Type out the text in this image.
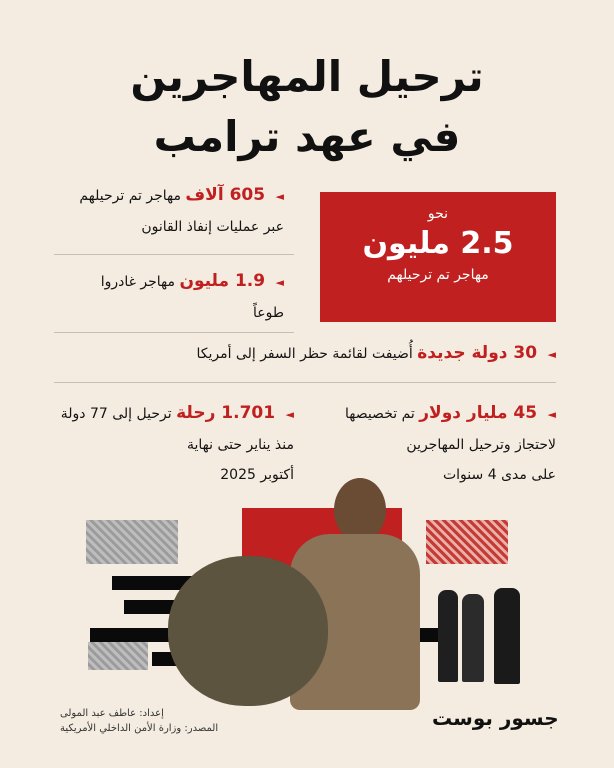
ترحيل المهاجرين
في عهد ترامب
نحو
2.5 مليون
مهاجر تم ترحيلهم
◄ 605 آلاف مهاجر تم ترحيلهم
عبر عمليات إنفاذ القانون
◄ 1.9 مليون مهاجر غادروا
طوعاً
◄ 30 دولة جديدة أُضيفت لقائمة حظر السفر إلى أمريكا
◄ 45 مليار دولار تم تخصيصها
لاحتجاز وترحيل المهاجرين
على مدى 4 سنوات
◄ 1.701 رحلة ترحيل إلى 77 دولة
منذ يناير حتى نهاية
أكتوبر 2025
إعداد: عاطف عبد المولى
المصدر: وزارة الأمن الداخلي الأمريكية	جسور بوست
